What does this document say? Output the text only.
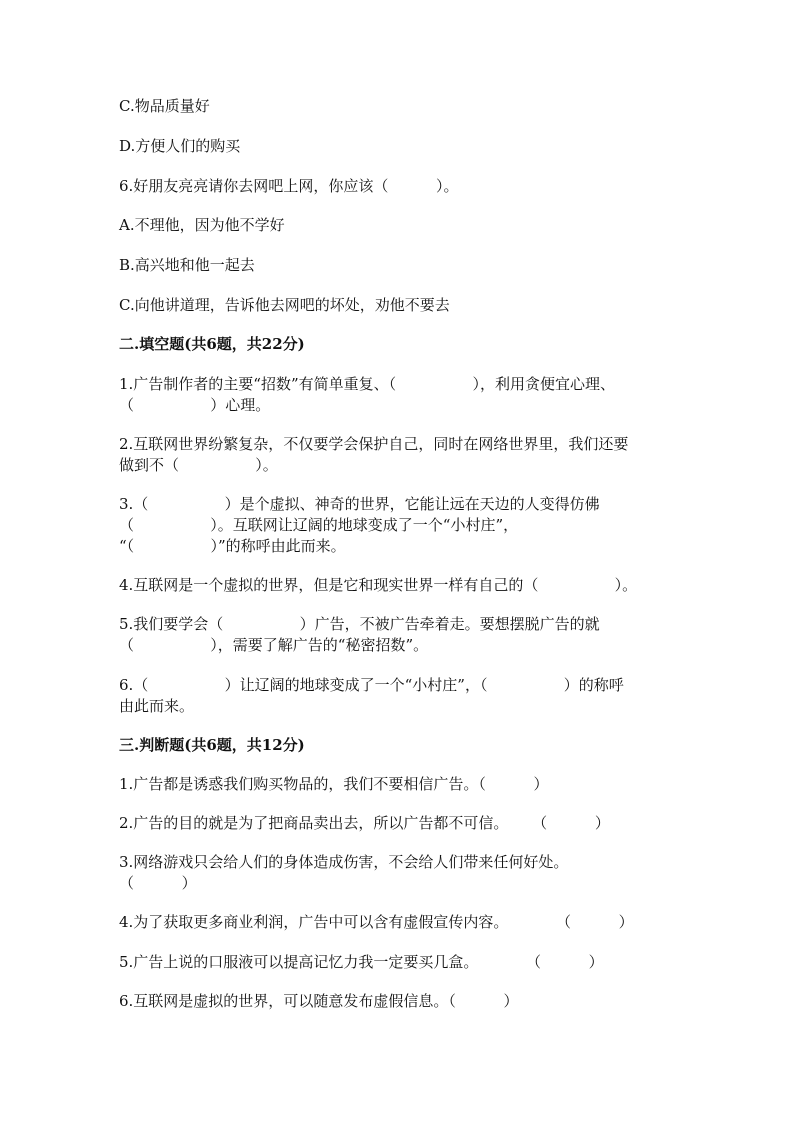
C.物品质量好
D.方便人们的购买
6.好朋友亮亮请你去网吧上网，你应该（          ）。
A.不理他，因为他不学好
B.高兴地和他一起去
C.向他讲道理，告诉他去网吧的坏处，劝他不要去
二.填空题(共6题，共22分)
1.广告制作者的主要“招数”有简单重复、（                ），利用贪便宜心理、
（                ）心理。
2.互联网世界纷繁复杂，不仅要学会保护自己，同时在网络世界里，我们还要
做到不（                ）。
3.（                ）是个虚拟、神奇的世界，它能让远在天边的人变得仿佛
（                ）。互联网让辽阔的地球变成了一个“小村庄”，
“（                ）”的称呼由此而来。
4.互联网是一个虚拟的世界，但是它和现实世界一样有自己的（                ）。
5.我们要学会（                ）广告，不被广告牵着走。要想摆脱广告的就
（                ），需要了解广告的“秘密招数”。
6.（                ）让辽阔的地球变成了一个“小村庄”，（                ）的称呼
由此而来。
三.判断题(共6题，共12分)
1.广告都是诱惑我们购买物品的，我们不要相信广告。（          ）
2.广告的目的就是为了把商品卖出去，所以广告都不可信。     （          ）
3.网络游戏只会给人们的身体造成伤害，不会给人们带来任何好处。
（          ）
4.为了获取更多商业利润，广告中可以含有虚假宣传内容。          （          ）
5.广告上说的口服液可以提高记忆力我一定要买几盒。          （          ）
6.互联网是虚拟的世界，可以随意发布虚假信息。（          ）
